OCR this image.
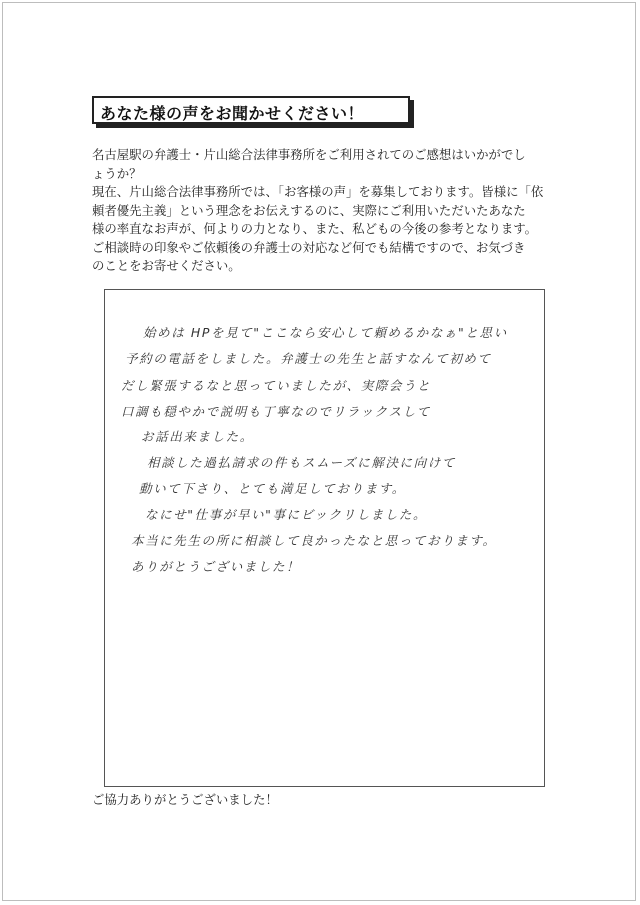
あなた様の声をお聞かせください！
名古屋駅の弁護士・片山総合法律事務所をご利用されてのご感想はいかがでし
ょうか？
現在、片山総合法律事務所では、「お客様の声」を募集しております。皆様に「依
頼者優先主義」という理念をお伝えするのに、実際にご利用いただいたあなた
様の率直なお声が、何よりの力となり、また、私どもの今後の参考となります。
ご相談時の印象やご依頼後の弁護士の対応など何でも結構ですので、お気づき
のことをお寄せください。
始めは HPを見て"ここなら安心して頼めるかなぁ"と思い
予約の電話をしました。弁護士の先生と話すなんて初めて
だし緊張するなと思っていましたが、実際会うと
口調も穏やかで説明も丁寧なのでリラックスして
お話出来ました。
相談した過払請求の件もスムーズに解決に向けて
動いて下さり、とても満足しております。
なにせ"仕事が早い"事にビックリしました。
本当に先生の所に相談して良かったなと思っております。
ありがとうございました！
ご協力ありがとうございました！
